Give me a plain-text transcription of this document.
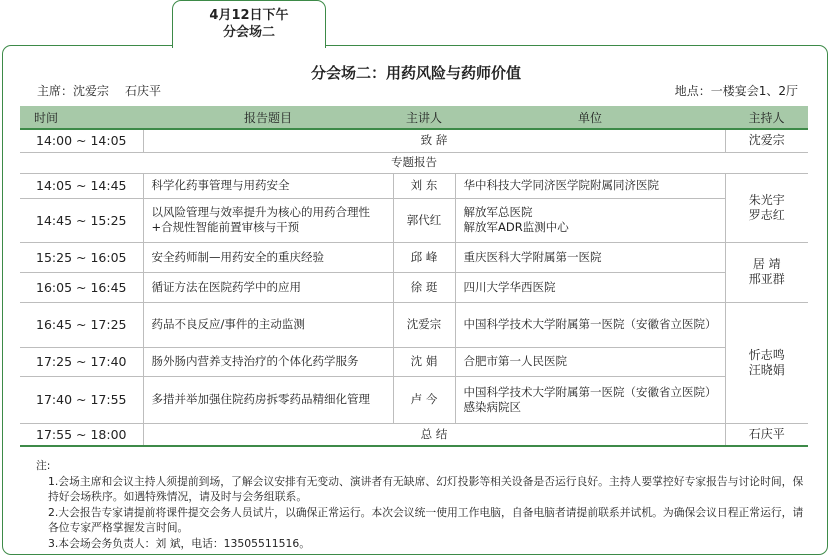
4月12日下午
分会场二
分会场二：用药风险与药师价值
主席：沈爱宗 石庆平	地点：一楼宴会1、2厅
时间	报告题目	主讲人	单位	主持人
14:00 ~ 14:05	致 辞			沈爱宗
专题报告				
14:05 ~ 14:45	科学化药事管理与用药安全	刘 东	华中科技大学同济医学院附属同济医院	朱光宇
罗志红

14:45 ~ 15:25	以风险管理与效率提升为核心的用药合理性+合规性智能前置审核与干预	郭代红	解放军总医院
解放军ADR监测中心	

15:25 ~ 16:05	安全药师制—用药安全的重庆经验	邱 峰	重庆医科大学附属第一医院	居 靖
邢亚群

16:05 ~ 16:45	循证方法在医院药学中的应用	徐 珽	四川大学华西医院	
16:45 ~ 17:25	药品不良反应/事件的主动监测	沈爱宗	中国科学技术大学附属第一医院（安徽省立医院）	忻志鸣
汪晓娟

17:25 ~ 17:40	肠外肠内营养支持治疗的个体化药学服务	沈 娟	合肥市第一人民医院	
17:40 ~ 17:55	多措并举加强住院药房拆零药品精细化管理	卢 今	中国科学技术大学附属第一医院（安徽省立医院）感染病院区	
17:55 ~ 18:00	总 结			石庆平

注:

1.会场主席和会议主持人须提前到场，了解会议安排有无变动、演讲者有无缺席、幻灯投影等相关设备是否运行良好。主持人要掌控好专家报告与讨论时间，保持好会场秩序。如遇特殊情况，请及时与会务组联系。

2.大会报告专家请提前将课件提交会务人员试片，以确保正常运行。本次会议统一使用工作电脑，自备电脑者请提前联系并试机。为确保会议日程正常运行，请各位专家严格掌握发言时间。

3.本会场会务负责人：刘 斌，电话：13505511516。
